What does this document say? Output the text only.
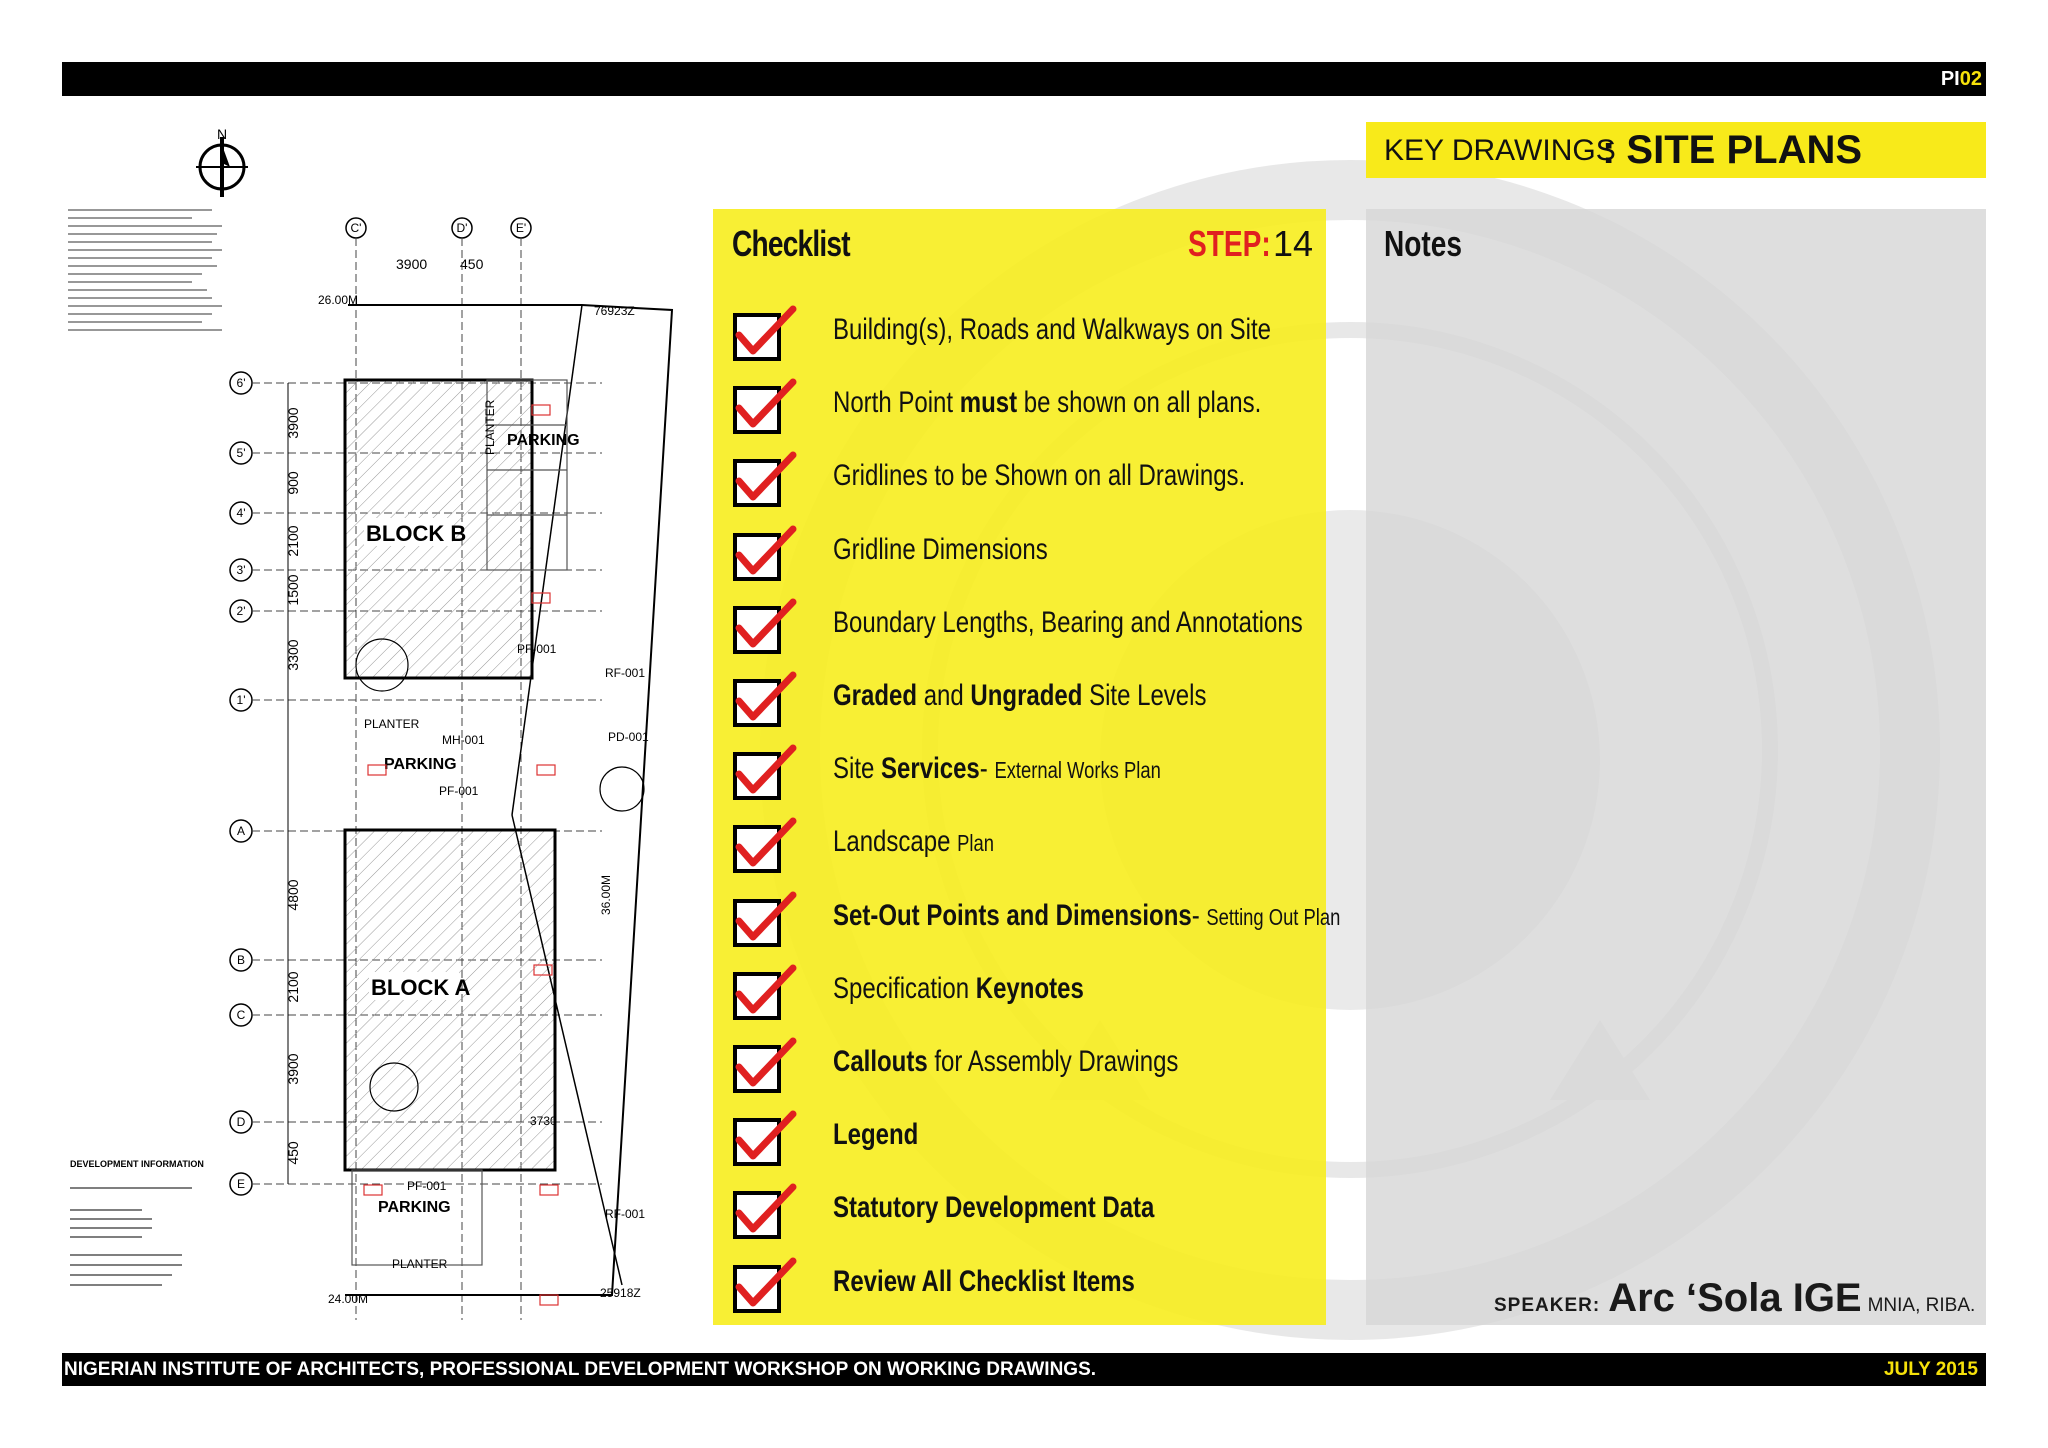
PI02
KEY DRAWINGS
: SITE PLANS
N
C'	D'	E'
3900 450
6'
5'
4'
3'
2'
1'
A
B
C
D
E
3900
900
2100
1500
3300
4800
2100
3900
450
BLOCK B
BLOCK A
PARKING
PARKING
PARKING
PLANTER
PLANTER
PLANTER
RF-001
RF-001
PF-001
PF-001
PF-001
PD-001
MH-001
26.00M
24.00M
36.00M
76923Z
25918Z
3730
DEVELOPMENT INFORMATION
Checklist	STEP: 14
Building(s), Roads and Walkways on Site
North Point must be shown on all plans.
Gridlines to be Shown on all Drawings.
Gridline Dimensions
Boundary Lengths, Bearing and Annotations
Graded and Ungraded Site Levels
Site Services- External Works Plan
Landscape Plan
Set-Out Points and Dimensions- Setting Out Plan
Specification Keynotes
Callouts for Assembly Drawings
Legend
Statutory Development Data
Review All Checklist Items
Notes
SPEAKER: Arc ‘Sola IGE MNIA, RIBA.
NIGERIAN INSTITUTE OF ARCHITECTS, PROFESSIONAL DEVELOPMENT WORKSHOP ON WORKING DRAWINGS.	JULY 2015
